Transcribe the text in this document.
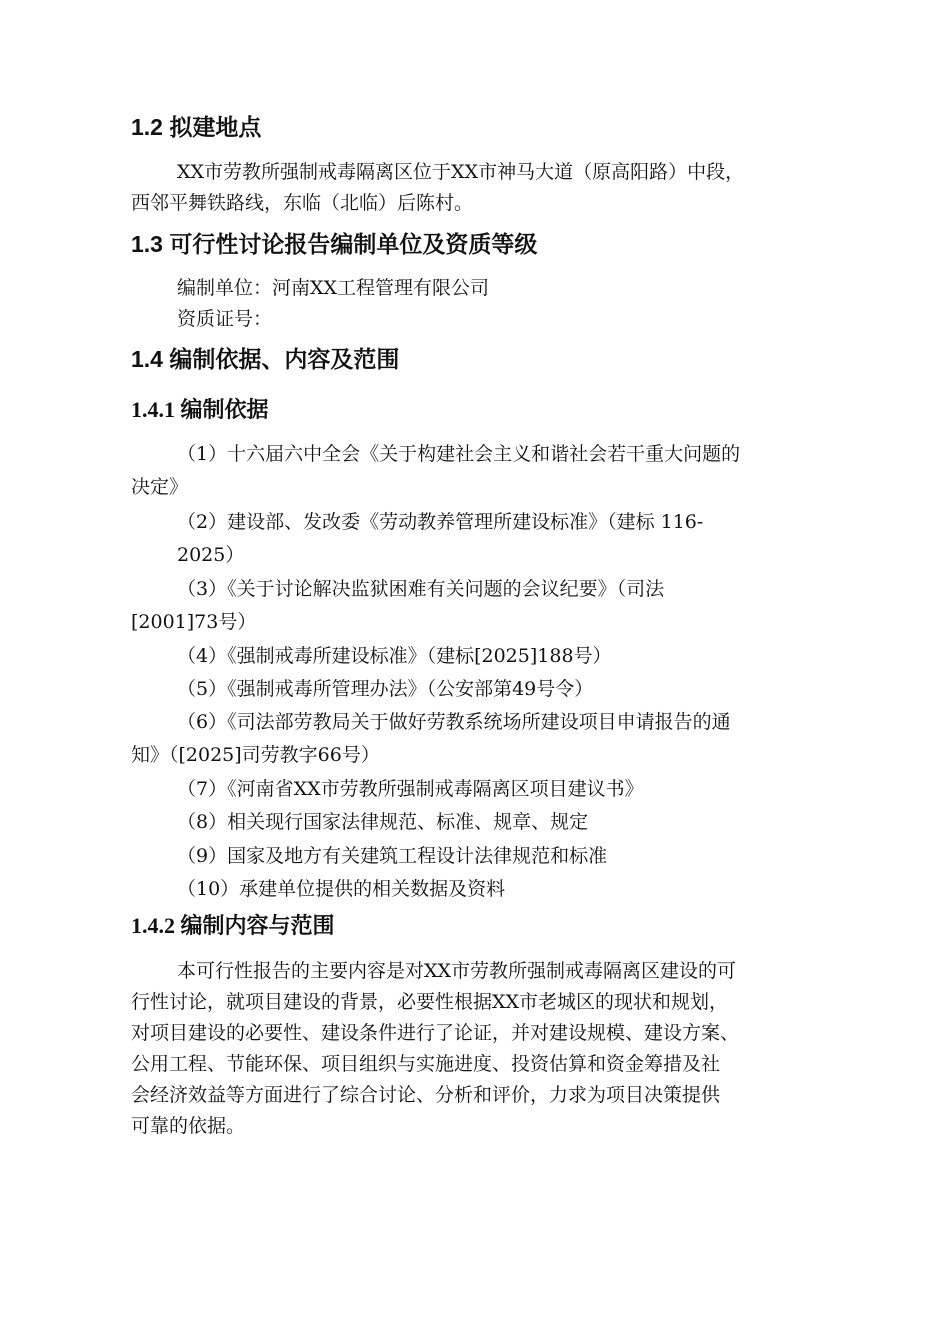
1.2 拟建地点
XX市劳教所强制戒毒隔离区位于XX市神马大道（原高阳路）中段，
西邻平舞铁路线，东临（北临）后陈村。
1.3 可行性讨论报告编制单位及资质等级
编制单位：河南XX工程管理有限公司
资质证号：
1.4 编制依据、内容及范围
1.4.1 编制依据
（1）十六届六中全会《关于构建社会主义和谐社会若干重大问题的
决定》
（2）建设部、发改委《劳动教养管理所建设标准》（建标 116-
2025）
（3）《关于讨论解决监狱困难有关问题的会议纪要》（司法
[2001]73号）
（4）《强制戒毒所建设标准》（建标[2025]188号）
（5）《强制戒毒所管理办法》（公安部第49号令）
（6）《司法部劳教局关于做好劳教系统场所建设项目申请报告的通
知》（[2025]司劳教字66号）
（7）《河南省XX市劳教所强制戒毒隔离区项目建议书》
（8）相关现行国家法律规范、标准、规章、规定
（9）国家及地方有关建筑工程设计法律规范和标准
（10）承建单位提供的相关数据及资料
1.4.2 编制内容与范围
本可行性报告的主要内容是对XX市劳教所强制戒毒隔离区建设的可
行性讨论，就项目建设的背景，必要性根据XX市老城区的现状和规划，
对项目建设的必要性、建设条件进行了论证，并对建设规模、建设方案、
公用工程、节能环保、项目组织与实施进度、投资估算和资金筹措及社
会经济效益等方面进行了综合讨论、分析和评价，力求为项目决策提供
可靠的依据。
